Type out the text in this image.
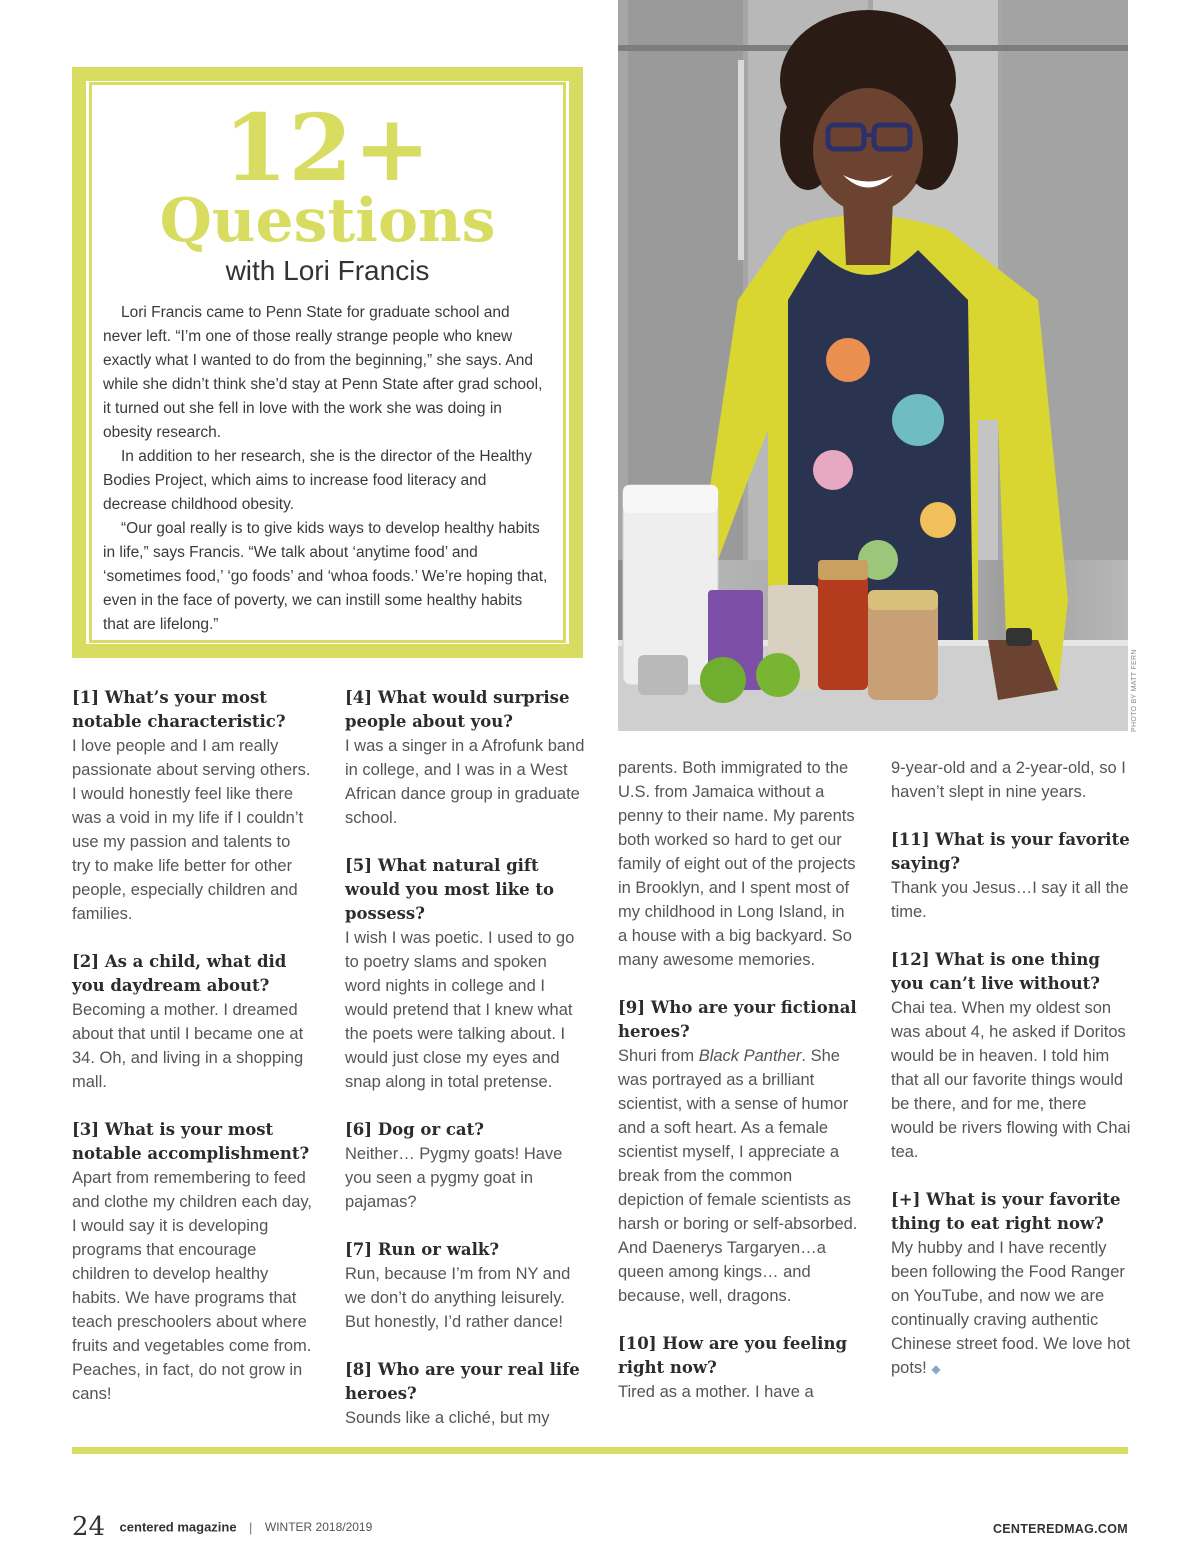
12+
Questions
with Lori Francis

Lori Francis came to Penn State for graduate school and never left. “I’m one of those really strange people who knew exactly what I wanted to do from the beginning,” she says. And while she didn’t think she’d stay at Penn State after grad school, it turned out she fell in love with the work she was doing in obesity research.

In addition to her research, she is the director of the Healthy Bodies Project, which aims to increase food literacy and decrease childhood obesity.

“Our goal really is to give kids ways to develop healthy habits in life,” says Francis. “We talk about ‘anytime food’ and ‘sometimes food,’ ‘go foods’ and ‘whoa foods.’ We’re hoping that, even in the face of poverty, we can instill some healthy habits that are lifelong.”

PHOTO BY MATT FERN

[1] What’s your most notable characteristic?

I love people and I am really passionate about serving others. I would honestly feel like there was a void in my life if I couldn’t use my passion and talents to try to make life better for other people, especially children and families.

[2] As a child, what did you daydream about?

Becoming a mother. I dreamed about that until I became one at 34. Oh, and living in a shopping mall.

[3] What is your most notable accomplishment?

Apart from remembering to feed and clothe my children each day, I would say it is developing programs that encourage children to develop healthy habits. We have programs that teach preschoolers about where fruits and vegetables come from. Peaches, in fact, do not grow in cans!

[4] What would surprise people about you?

I was a singer in a Afrofunk band in college, and I was in a West African dance group in graduate school.

[5] What natural gift would you most like to possess?

I wish I was poetic. I used to go to poetry slams and spoken word nights in college and I would pretend that I knew what the poets were talking about. I would just close my eyes and snap along in total pretense.

[6] Dog or cat?

Neither… Pygmy goats! Have you seen a pygmy goat in pajamas?

[7] Run or walk?

Run, because I’m from NY and we don’t do anything leisurely. But honestly, I’d rather dance!

[8] Who are your real life heroes?

Sounds like a cliché, but my

parents. Both immigrated to the U.S. from Jamaica without a penny to their name. My parents both worked so hard to get our family of eight out of the projects in Brooklyn, and I spent most of my childhood in Long Island, in a house with a big backyard. So many awesome memories.

[9] Who are your fictional heroes?

Shuri from Black Panther. She was portrayed as a brilliant scientist, with a sense of humor and a soft heart. As a female scientist myself, I appreciate a break from the common depiction of female scientists as harsh or boring or self-absorbed. And Daenerys Targaryen…a queen among kings… and because, well, dragons.

[10] How are you feeling right now?

Tired as a mother. I have a

9-year-old and a 2-year-old, so I haven’t slept in nine years.

[11] What is your favorite saying?

Thank you Jesus…I say it all the time.

[12] What is one thing you can’t live without?

Chai tea. When my oldest son was about 4, he asked if Doritos would be in heaven. I told him that all our favorite things would be there, and for me, there would be rivers flowing with Chai tea.

[+] What is your favorite thing to eat right now?

My hubby and I have recently been following the Food Ranger on YouTube, and now we are continually craving authentic Chinese street food. We love hot pots! ◆

24 centered magazine | WINTER 2018/2019	CENTEREDMAG.COM
